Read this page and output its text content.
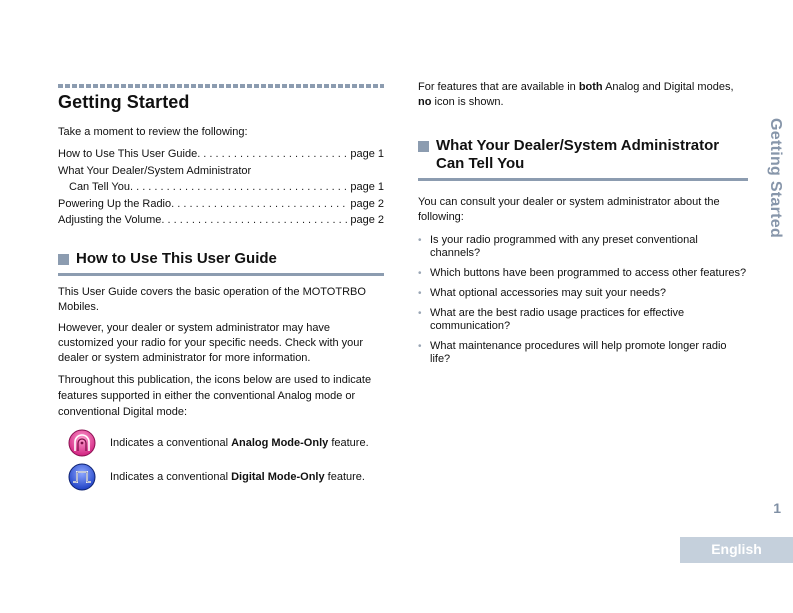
Getting Started

Take a moment to review the following:

How to Use This User Guide . . .	page 1
What Your Dealer/System Administrator
Can Tell You . . .	page 1
Powering Up the Radio . . .	page 2
Adjusting the Volume . . .	page 2
How to Use This User Guide

This User Guide covers the basic operation of the MOTOTRBO Mobiles.

However, your dealer or system administrator may have customized your radio for your specific needs. Check with your dealer or system administrator for more information.

Throughout this publication, the icons below are used to indicate features supported in either the conventional Analog mode or conventional Digital mode:

Indicates a conventional Analog Mode-Only feature.
Indicates a conventional Digital Mode-Only feature.

For features that are available in both Analog and Digital modes, no icon is shown.

What Your Dealer/System Administrator
Can Tell You

You can consult your dealer or system administrator about the following:

• Is your radio programmed with any preset conventional channels?
• Which buttons have been programmed to access other features?
• What optional accessories may suit your needs?
• What are the best radio usage practices for effective communication?
• What maintenance procedures will help promote longer radio life?
Getting Started
1
English
